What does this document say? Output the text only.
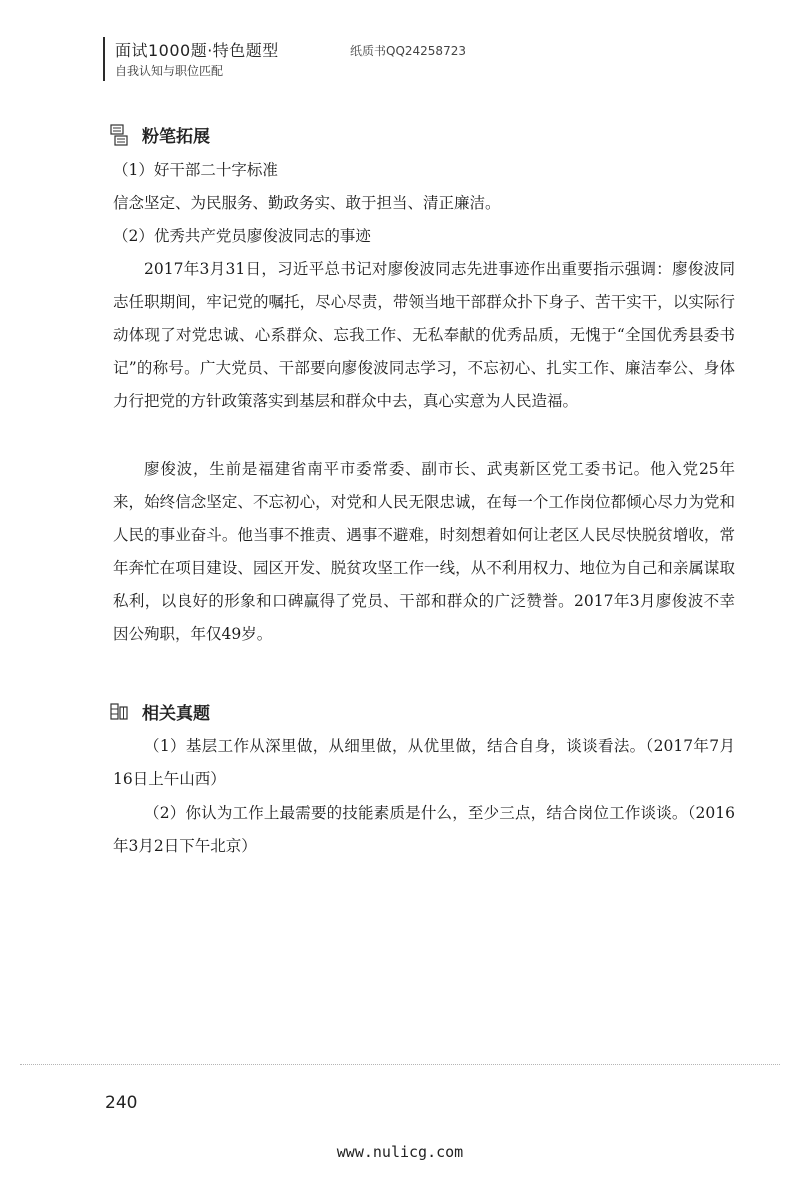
面试1000题·特色题型
自我认知与职位匹配
纸质书QQ24258723
粉笔拓展

（1）好干部二十字标准

信念坚定、为民服务、勤政务实、敢于担当、清正廉洁。

（2）优秀共产党员廖俊波同志的事迹

2017年3月31日，习近平总书记对廖俊波同志先进事迹作出重要指示强调：廖俊波同志任职期间，牢记党的嘱托，尽心尽责，带领当地干部群众扑下身子、苦干实干，以实际行动体现了对党忠诚、心系群众、忘我工作、无私奉献的优秀品质，无愧于“全国优秀县委书记”的称号。广大党员、干部要向廖俊波同志学习，不忘初心、扎实工作、廉洁奉公、身体力行把党的方针政策落实到基层和群众中去，真心实意为人民造福。

廖俊波，生前是福建省南平市委常委、副市长、武夷新区党工委书记。他入党25年来，始终信念坚定、不忘初心，对党和人民无限忠诚，在每一个工作岗位都倾心尽力为党和人民的事业奋斗。他当事不推责、遇事不避难，时刻想着如何让老区人民尽快脱贫增收，常年奔忙在项目建设、园区开发、脱贫攻坚工作一线，从不利用权力、地位为自己和亲属谋取私利，以良好的形象和口碑赢得了党员、干部和群众的广泛赞誉。2017年3月廖俊波不幸因公殉职，年仅49岁。

相关真题

（1）基层工作从深里做，从细里做，从优里做，结合自身，谈谈看法。（2017年7月16日上午山西）

（2）你认为工作上最需要的技能素质是什么，至少三点，结合岗位工作谈谈。（2016年3月2日下午北京）

240
www.nulicg.com
